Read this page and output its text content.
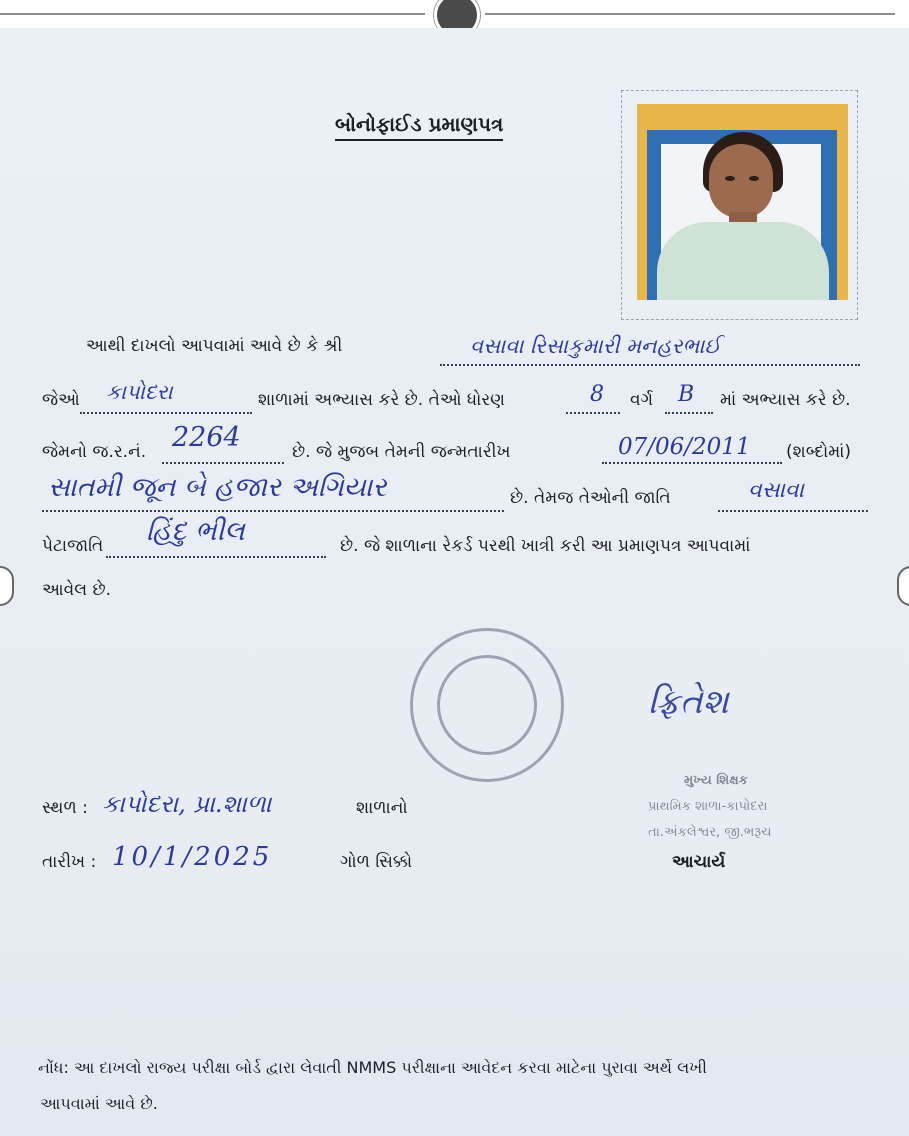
બોનોફાઈડ પ્રમાણપત્ર
આથી દાખલો આપવામાં આવે છે કે શ્રી	વસાવા રિસાકુમારી મનહરભાઈ
જેઓ કાપોદરા	શાળામાં અભ્યાસ કરે છે. તેઓ ધોરણ	8 વર્ગ B માં અભ્યાસ કરે છે.
જેમનો જ.ર.નં. 2264	છે. જે મુજબ તેમની જન્મતારીખ	07/06/2011 (શબ્દોમાં)
સાતમી જૂન બે હજાર અગિયાર	છે. તેમજ તેઓની જાતિ	વસાવા
પેટાજાતિ હિંદુ ભીલ	છે. જે શાળાના રેકર્ડ પરથી ખાત્રી કરી આ પ્રમાણપત્ર આપવામાં
આવેલ છે.
ફ્રિતેશ
મુખ્ય શિક્ષક
પ્રાથમિક શાળા-કાપોદરા
તા.અંકલેશ્વર, જી.ભરૂચ
સ્થળ : કાપોદરા, પ્રા.શાળા	શાળાનો
તારીખ : 10/1/2025	ગોળ સિક્કો	આચાર્ય
નોંધ: આ દાખલો રાજ્ય પરીક્ષા બોર્ડ દ્વારા લેવાતી NMMS પરીક્ષાના આવેદન કરવા માટેના પુરાવા અર્થે લખી
આપવામાં આવે છે.
